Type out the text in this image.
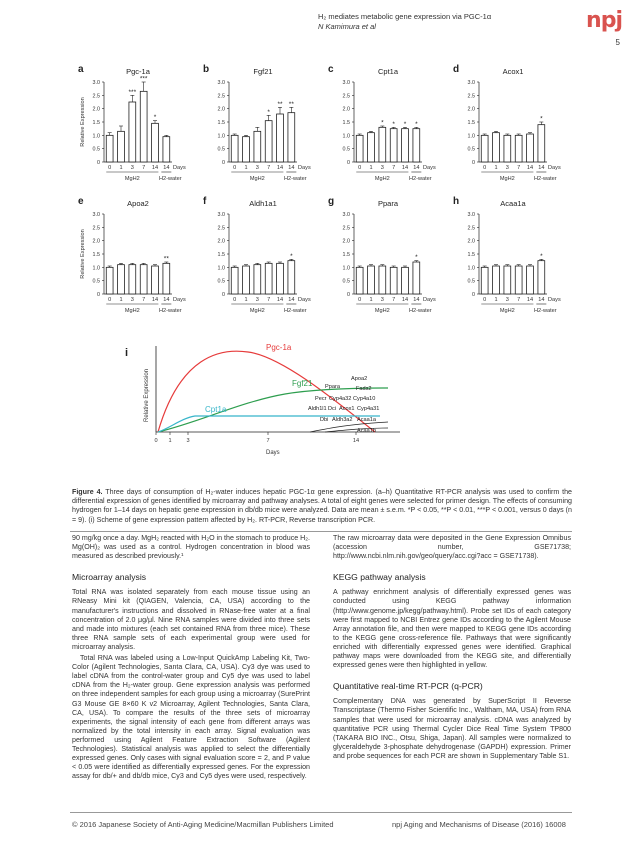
H₂ mediates metabolic gene expression via PGC-1α
N Kamimura et al	npj
5
i
Relative Expression
Days
0 1	3	7	14
Pgc-1a
Fgf21
Cpt1a
Apoa2
Ppara	Fads2
Pecr Cyp4a32 Cyp4a10
Aldh1l1 Dci Acox1 Cyp4a31
Dbi Aldh3a2 Acaa1a
Acaa1b
a	Pgc-1a
Relative Expression
0
0.5
1.0
1.5
2.0
2.5
3.0
0 1
***
3
***
7
*
14 14 Days
MgH2	H2-water
b	Fgf21
0
0.5
1.0
1.5
2.0
2.5
3.0
0 1 3
*
7
**
14
**
14 Days
MgH2	H2-water
c	Cpt1a
0
0.5
1.0
1.5
2.0
2.5
3.0
0 1
*
3
*
7
*
14
*
14 Days
MgH2	H2-water
d	Acox1
0
0.5
1.0
1.5
2.0
2.5
3.0
0 1 3 7 14
*
14 Days
MgH2	H2-water
e	Apoa2
Relative Expression
0
0.5
1.0
1.5
2.0
2.5
3.0
0 1 3 7 14
**
14 Days
MgH2	H2-water
f	Aldh1a1
0
0.5
1.0
1.5
2.0
2.5
3.0
0 1 3 7 14
*
14 Days
MgH2	H2-water
g	Ppara
0
0.5
1.0
1.5
2.0
2.5
3.0
0 1 3 7 14
*
14 Days
MgH2	H2-water
h	Acaa1a
0
0.5
1.0
1.5
2.0
2.5
3.0
0 1 3 7 14
*
14 Days
MgH2	H2-water
Figure 4. Three days of consumption of H₂-water induces hepatic PGC-1α gene expression. (a–h) Quantitative RT-PCR analysis was used to confirm the differential expression of genes identified by microarray and pathway analyses. A total of eight genes were selected for primer design. The effects of consuming hydrogen for 1–14 days on hepatic gene expression in db/db mice were analyzed. Data are mean ± s.e.m. *P < 0.05, **P < 0.01, ***P < 0.001, versus 0 days (n = 9). (i) Scheme of gene expression pattern affected by H₂. RT-PCR, Reverse transcription PCR.

90 mg/kg once a day. MgH₂ reacted with H₂O in the stomach to produce H₂. Mg(OH)₂ was used as a control. Hydrogen concentration in blood was measured as described previously.¹

Microarray analysis

Total RNA was isolated separately from each mouse tissue using an RNeasy Mini kit (QIAGEN, Valencia, CA, USA) according to the manufacturer's instructions and dissolved in RNase-free water at a final concentration of 2.0 μg/μl. Nine RNA samples were divided into three sets and made into mixtures (each set contained RNA from three mice). These three RNA sample sets of each experimental group were used for microarray analysis.

Total RNA was labeled using a Low-Input QuickAmp Labeling Kit, Two-Color (Agilent Technologies, Santa Clara, CA, USA). Cy3 dye was used to label cDNA from the control-water group and Cy5 dye was used to label cDNA from the H₂-water group. Gene expression analysis was performed on three independent samples for each group using a microarray (SurePrint G3 Mouse GE 8×60 K v2 Microarray, Agilent Technologies, Santa Clara, CA, USA). To compare the results of the three sets of microarray experiments, the signal intensity of each gene from different arrays was normalized by the total intensity in each array. Signal evaluation was performed using Agilent Feature Extraction Software (Agilent Technologies). Statistical analysis was applied to select the differentially expressed genes. Only cases with signal evaluation score = 2, and P value < 0.05 were identified as differentially expressed genes. For the expression assay for db/+ and db/db mice, Cy3 and Cy5 dyes were used, respectively.

The raw microarray data were deposited in the Gene Expression Omnibus (accession number, GSE71738; http://www.ncbi.nlm.nih.gov/geo/query/acc.cgi?acc = GSE71738).

KEGG pathway analysis

A pathway enrichment analysis of differentially expressed genes was conducted using KEGG pathway information (http://www.genome.jp/kegg/pathway.html). Probe set IDs of each category were first mapped to NCBI Entrez gene IDs according to the Agilent Mouse Array annotation file, and then were mapped to KEGG gene IDs according to the KEGG gene cross-reference file. Pathways that were significantly enriched with differentially expressed genes were identified. Graphical pathway maps were downloaded from the KEGG site, and differentially expressed genes were then highlighted in yellow.

Quantitative real-time RT-PCR (q-PCR)

Complementary DNA was generated by SuperScript II Reverse Transcriptase (Thermo Fisher Scientific Inc., Waltham, MA, USA) from RNA samples that were used for microarray analysis. cDNA was analyzed by quantitative PCR using Thermal Cycler Dice Real Time System TP800 (TAKARA BIO INC., Otsu, Shiga, Japan). All samples were normalized to glyceraldehyde 3-phosphate dehydrogenase (GAPDH) expression. Primer and probe sequences for each PCR are shown in Supplementary Table S1.

© 2016 Japanese Society of Anti-Aging Medicine/Macmillan Publishers Limited	npj Aging and Mechanisms of Disease (2016) 16008
